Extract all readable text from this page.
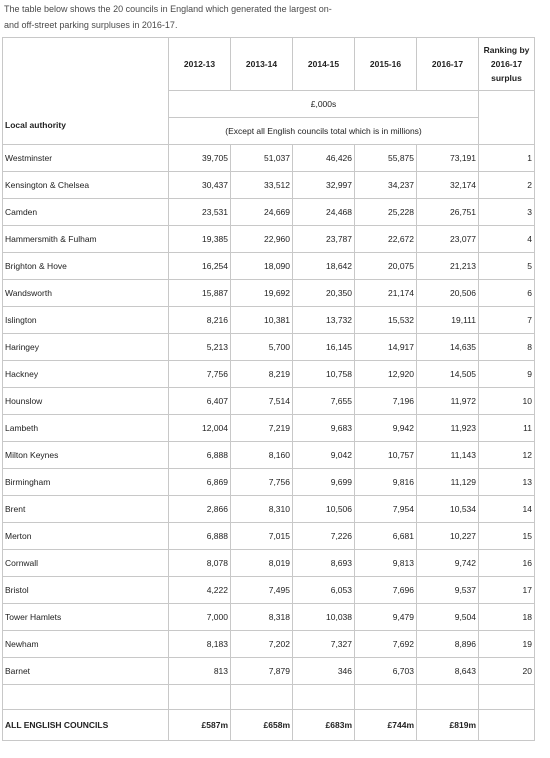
The table below shows the 20 councils in England which generated the largest on-
and off-street parking surpluses in 2016-17.
Local authority	2012-13	2013-14	2014-15	2015-16	2016-17	Ranking by
2016-17
surplus

	£,000s					
	(Except all English councils total which is in millions)					
Westminster	39,705	51,037	46,426	55,875	73,191	1
Kensington & Chelsea	30,437	33,512	32,997	34,237	32,174	2
Camden	23,531	24,669	24,468	25,228	26,751	3
Hammersmith & Fulham	19,385	22,960	23,787	22,672	23,077	4
Brighton & Hove	16,254	18,090	18,642	20,075	21,213	5
Wandsworth	15,887	19,692	20,350	21,174	20,506	6
Islington	8,216	10,381	13,732	15,532	19,111	7
Haringey	5,213	5,700	16,145	14,917	14,635	8
Hackney	7,756	8,219	10,758	12,920	14,505	9
Hounslow	6,407	7,514	7,655	7,196	11,972	10
Lambeth	12,004	7,219	9,683	9,942	11,923	11
Milton Keynes	6,888	8,160	9,042	10,757	11,143	12
Birmingham	6,869	7,756	9,699	9,816	11,129	13
Brent	2,866	8,310	10,506	7,954	10,534	14
Merton	6,888	7,015	7,226	6,681	10,227	15
Cornwall	8,078	8,019	8,693	9,813	9,742	16
Bristol	4,222	7,495	6,053	7,696	9,537	17
Tower Hamlets	7,000	8,318	10,038	9,479	9,504	18
Newham	8,183	7,202	7,327	7,692	8,896	19
Barnet	813	7,879	346	6,703	8,643	20

ALL ENGLISH COUNCILS	£587m	£658m	£683m	£744m	£819m	
